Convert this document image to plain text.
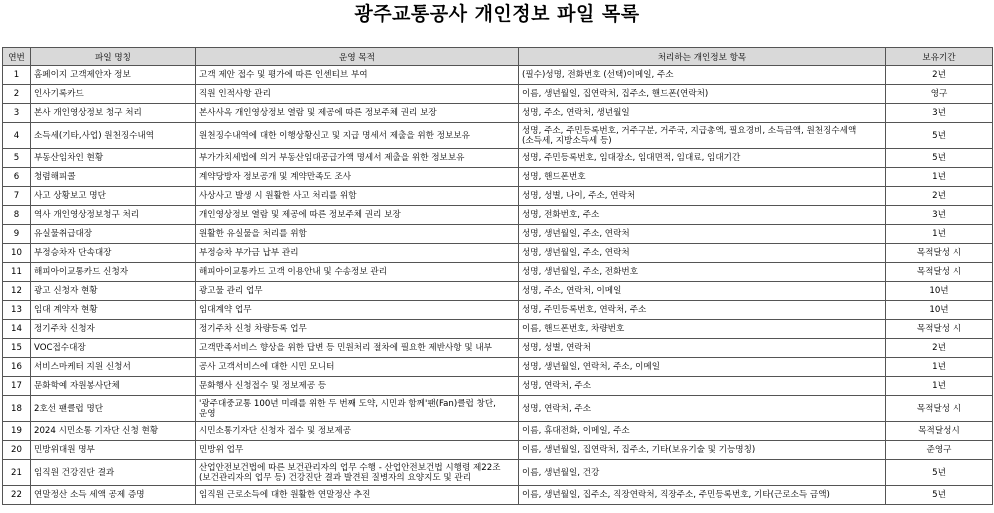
광주교통공사 개인정보 파일 목록
연번	파일 명칭	운영 목적	처리하는 개인정보 항목	보유기간
1	홈페이지 고객제안자 정보	고객 제안 접수 및 평가에 따른 인센티브 부여	(필수)성명, 전화번호 (선택)이메일, 주소	2년
2	인사기록카드	직원 인적사항 관리	이름, 생년월일, 집연락처, 집주소, 핸드폰(연락처)	영구
3	본사 개인영상정보 청구 처리	본사사옥 개인영상정보 열람 및 제공에 따른 정보주체 권리 보장	성명, 주소, 연락처, 생년월일	3년
4	소득세(기타,사업) 원천징수내역	원천징수내역에 대한 이행상황신고 및 지급 명세서 제출을 위한 정보보유	성명, 주소, 주민등록번호, 거주구분, 거주국, 지급총액, 필요경비, 소득금액, 원천징수세액(소득세, 지방소득세 등)	5년
5	부동산임차인 현황	부가가치세법에 의거 부동산임대공급가액 명세서 제출을 위한 정보보유	성명, 주민등록번호, 임대장소, 임대면적, 임대료, 임대기간	5년
6	청렴해피콜	계약당방자 정보공개 및 계약만족도 조사	성명, 핸드폰번호	1년
7	사고 상황보고 명단	사상사고 발생 시 원활한 사고 처리를 위함	성명, 성별, 나이, 주소, 연락처	2년
8	역사 개인영상정보청구 처리	개인영상정보 열람 및 제공에 따른 정보주체 권리 보장	성명, 전화번호, 주소	3년
9	유실물취급대장	원활한 유실물을 처리를 위함	성명, 생년월일, 주소, 연락처	1년
10	부정승차자 단속대장	부정승차 부가금 납부 관리	성명, 생년월일, 주소, 연락처	목적달성 시
11	해피아이교통카드 신청자	해피아이교통카드 고객 이용안내 및 수송정보 관리	성명, 생년월일, 주소, 전화번호	목적달성 시
12	광고 신청자 현황	광고물 관리 업무	성명, 주소, 연락처, 이메일	10년
13	임대 계약자 현황	임대계약 업무	성명, 주민등록번호, 연락처, 주소	10년
14	정기주차 신청자	정기주차 신청 차량등록 업무	이름, 핸드폰번호, 차량번호	목적달성 시
15	VOC접수대장	고객만족서비스 향상을 위한 답변 등 민원처리 절차에 필요한 제반사항 및 내부	성명, 성별, 연락처	2년
16	서비스마케터 지원 신청서	공사 고객서비스에 대한 시민 모니터	성명, 생년월일, 연락처, 주소, 이메일	1년
17	문화학예 자원봉사단체	문화행사 신청접수 및 정보제공 등	성명, 연락처, 주소	1년
18	2호선 팬클럽 명단	'광주대중교통 100년 미래를 위한 두 번째 도약, 시민과 함께'팬(Fan)클럽 창단, 운영	성명, 연락처, 주소	목적달성 시
19	2024 시민소통 기자단 신청 현황	시민소통기자단 신청자 접수 및 정보제공	이름, 휴대전화, 이메일, 주소	목적달성시
20	민방위대원 명부	민방위 업무	이름, 생년월일, 집연락처, 집주소, 기타(보유기술 및 기능명칭)	준영구
21	임직원 건강진단 결과	산업안전보건법에 따른 보건관리자의 업무 수행 - 산업안전보건법 시행령 제22조(보건관리자의 업무 등) 건강진단 결과 발견된 질병자의 요양지도 및 관리	이름, 생년월일, 건강	5년
22	연말정산 소득 세액 공제 증명	임직원 근로소득에 대한 원활한 연말정산 추진	이름, 생년월일, 집주소, 직장연락처, 직장주소, 주민등록번호, 기타(근로소득 금액)	5년
